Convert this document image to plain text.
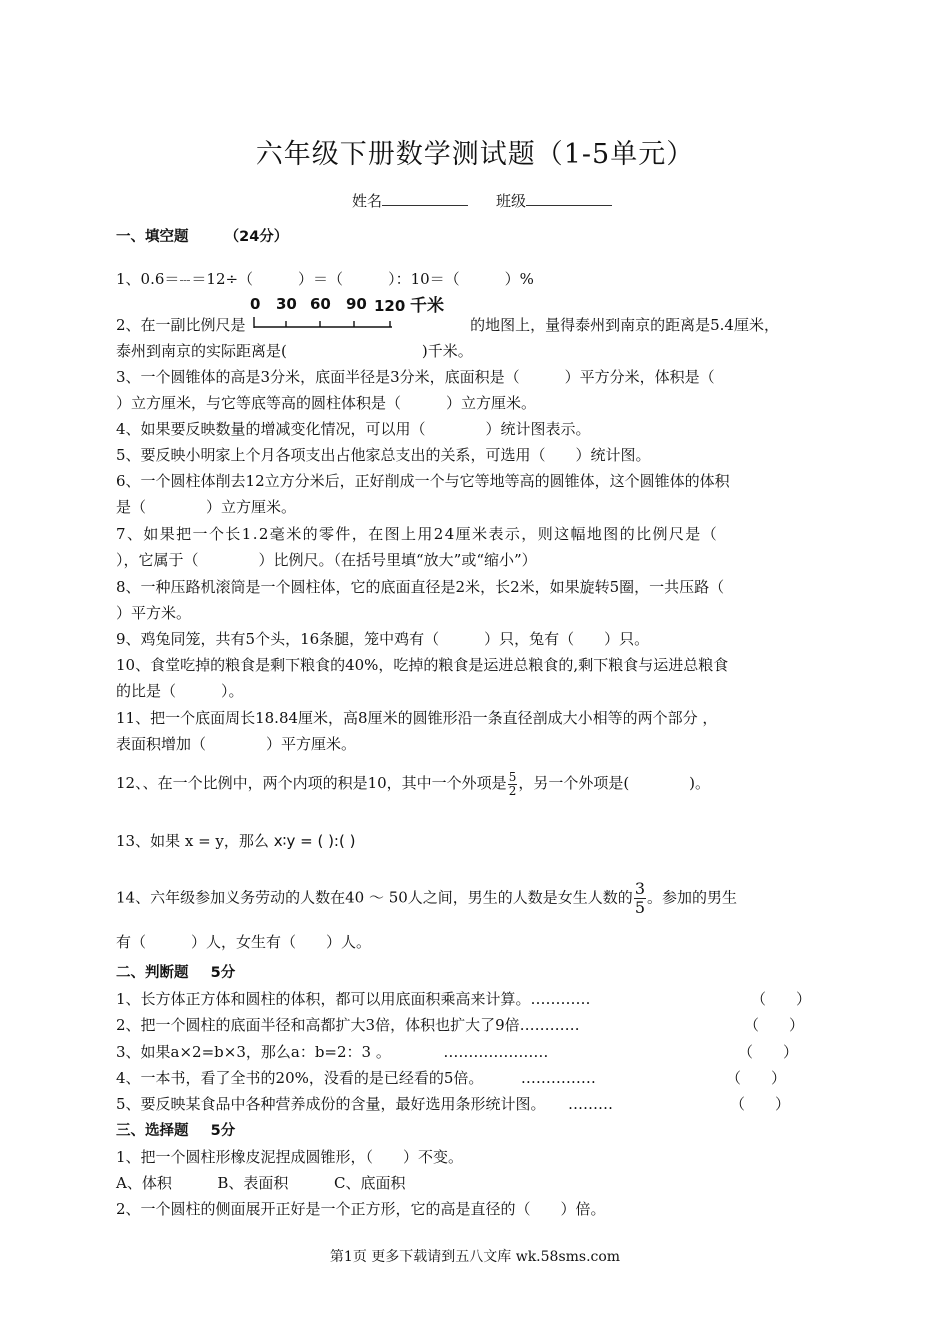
六年级下册数学测试题（1-5单元）
姓名	班级
一、填空题 （24分）
1、0.6＝ ＝12÷（　　　）＝（　　　）：10＝（　　　）%
2、在一副比例尺是
0 30 60 90 120 千米
的地图上，量得泰州到南京的距离是5.4厘米，
泰州到南京的实际距离是(　　　　　　　　　)千米。
3、一个圆锥体的高是3分米，底面半径是3分米，底面积是（　　　）平方分米，体积是（
）立方厘米，与它等底等高的圆柱体积是（　　　）立方厘米。
4、如果要反映数量的增减变化情况，可以用（　　　　）统计图表示。
5、要反映小明家上个月各项支出占他家总支出的关系，可选用（　　）统计图。
6、一个圆柱体削去12立方分米后，正好削成一个与它等地等高的圆锥体，这个圆锥体的体积
是（　　　　）立方厘米。
7、如果把一个长1.2毫米的零件，在图上用24厘米表示，则这幅地图的比例尺是（
），它属于（　　　　）比例尺。（在括号里填“放大”或“缩小”）
8、一种压路机滚筒是一个圆柱体，它的底面直径是2米，长2米，如果旋转5圈，一共压路（
）平方米。
9、鸡兔同笼，共有5个头，16条腿，笼中鸡有（　　　）只，兔有（　　）只。
10、食堂吃掉的粮食是剩下粮食的40%，吃掉的粮食是运进总粮食的,剩下粮食与运进总粮食
的比是（　　　）。
11、把一个底面周长18.84厘米，高8厘米的圆锥形沿一条直径剖成大小相等的两个部分 ，
表面积增加（　　　　）平方厘米。
12、、在一个比例中，两个内项的积是10，其中一个外项是 $\frac{5}{2}$ ，另一个外项是(　　　　)。
13、如果 x = y，那么 x∶y = ( ):( )
14、六年级参加义务劳动的人数在40 ～ 50人之间，男生的人数是女生人数的 $\frac{3}{5}$ 。参加的男生
有（　　　）人，女生有（　　）人。
二、判断题 5分
1、长方体正方体和圆柱的体积，都可以用底面积乘高来计算。…………	（　　）
2、把一个圆柱的底面半径和高都扩大3倍，体积也扩大了9倍…………	（　　）
3、如果a×2=b×3，那么a：b=2：3 。　　　　…………………	（　　）
4、一本书，看了全书的20%，没看的是已经看的5倍。　　　……………	（　　）
5、要反映某食品中各种营养成份的含量，最好选用条形统计图。　　………	（　　）
三、选择题 5分
1、把一个圆柱形橡皮泥捏成圆锥形，（　　）不变。
A、体积	B、表面积	C、底面积
2、一个圆柱的侧面展开正好是一个正方形，它的高是直径的（　　）倍。
第1页 更多下载请到五八文库 wk.58sms.com
